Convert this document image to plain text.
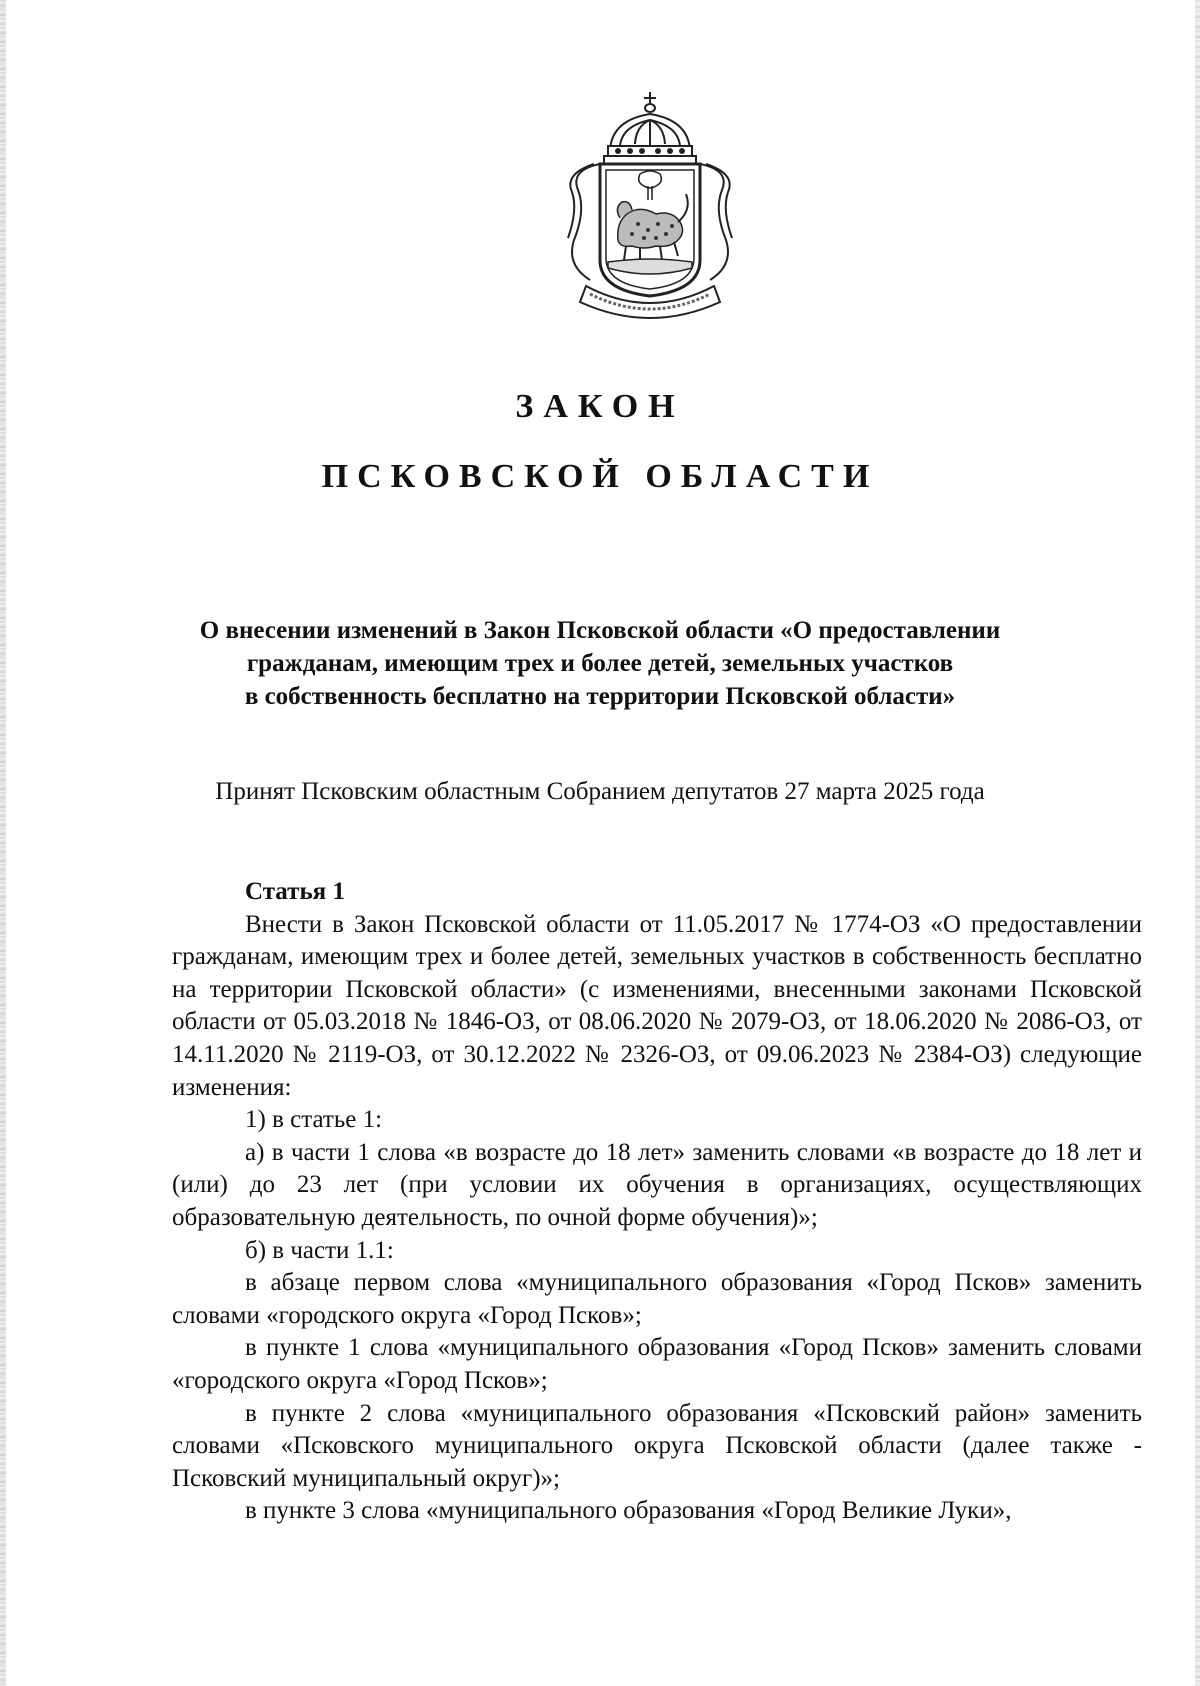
ЗАКОН
ПСКОВСКОЙ ОБЛАСТИ
О внесении изменений в Закон Псковской области «О предоставлении
гражданам, имеющим трех и более детей, земельных участков
в собственность бесплатно на территории Псковской области»
Принят Псковским областным Собранием депутатов 27 марта 2025 года

Статья 1

Внести в Закон Псковской области от 11.05.2017 № 1774-ОЗ «О предоставлении гражданам, имеющим трех и более детей, земельных участков в собственность бесплатно на территории Псковской области» (с изменениями, внесенными законами Псковской области от 05.03.2018 № 1846-ОЗ, от 08.06.2020 № 2079-ОЗ, от 18.06.2020 № 2086-ОЗ, от 14.11.2020 № 2119-ОЗ, от 30.12.2022 № 2326-ОЗ, от 09.06.2023 № 2384-ОЗ) следующие изменения:

1) в статье 1:

а) в части 1 слова «в возрасте до 18 лет» заменить словами «в возрасте до 18 лет и (или) до 23 лет (при условии их обучения в организациях, осуществляющих образовательную деятельность, по очной форме обучения)»;

б) в части 1.1:

в абзаце первом слова «муниципального образования «Город Псков» заменить словами «городского округа «Город Псков»;

в пункте 1 слова «муниципального образования «Город Псков» заменить словами «городского округа «Город Псков»;

в пункте 2 слова «муниципального образования «Псковский район» заменить словами «Псковского муниципального округа Псковской области (далее также - Псковский муниципальный округ)»;

в пункте 3 слова «муниципального образования «Город Великие Луки»,
